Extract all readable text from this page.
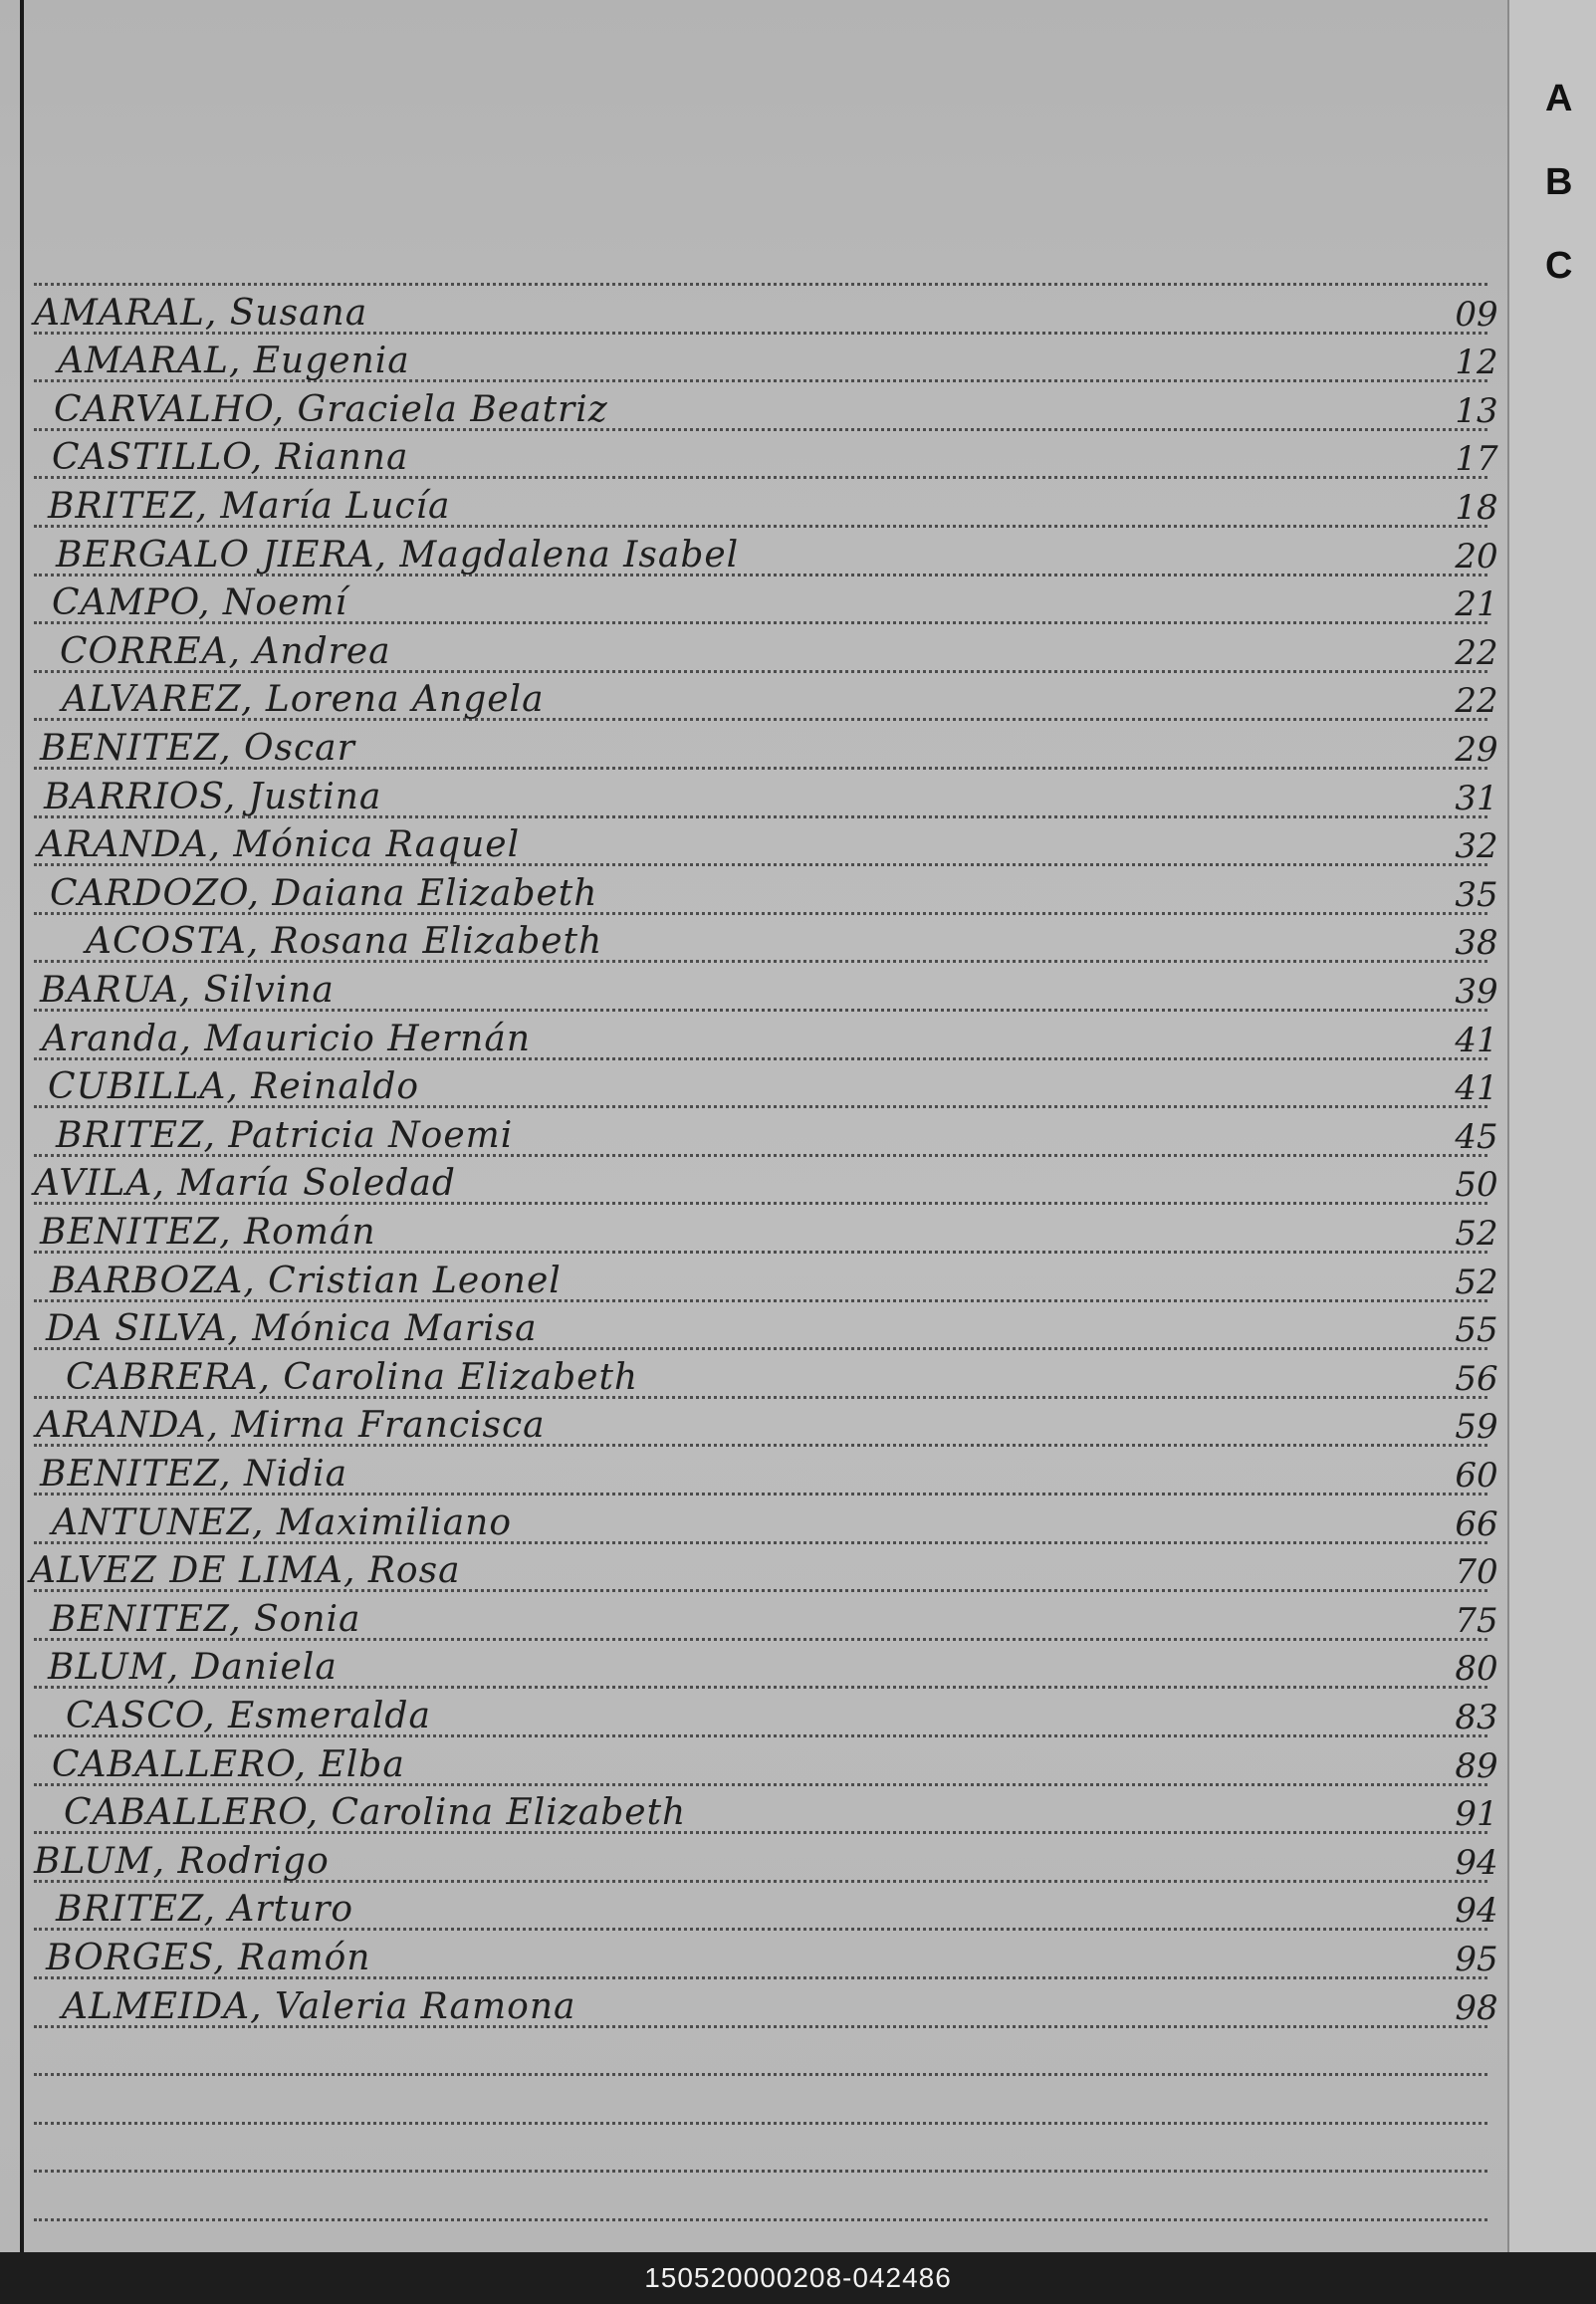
A
B
C
AMARAL, Susana	09
AMARAL, Eugenia	12
CARVALHO, Graciela Beatriz	13
CASTILLO, Rianna	17
BRITEZ, María Lucía	18
BERGALO JIERA, Magdalena Isabel	20
CAMPO, Noemí	21
CORREA, Andrea	22
ALVAREZ, Lorena Angela	22
BENITEZ, Oscar	29
BARRIOS, Justina	31
ARANDA, Mónica Raquel	32
CARDOZO, Daiana Elizabeth	35
ACOSTA, Rosana Elizabeth	38
BARUA, Silvina	39
Aranda, Mauricio Hernán	41
CUBILLA, Reinaldo	41
BRITEZ, Patricia Noemi	45
AVILA, María Soledad	50
BENITEZ, Román	52
BARBOZA, Cristian Leonel	52
DA SILVA, Mónica Marisa	55
CABRERA, Carolina Elizabeth	56
ARANDA, Mirna Francisca	59
BENITEZ, Nidia	60
ANTUNEZ, Maximiliano	66
ALVEZ DE LIMA, Rosa	70
BENITEZ, Sonia	75
BLUM, Daniela	80
CASCO, Esmeralda	83
CABALLERO, Elba	89
CABALLERO, Carolina Elizabeth	91
BLUM, Rodrigo	94
BRITEZ, Arturo	94
BORGES, Ramón	95
ALMEIDA, Valeria Ramona	98
150520000208-042486
